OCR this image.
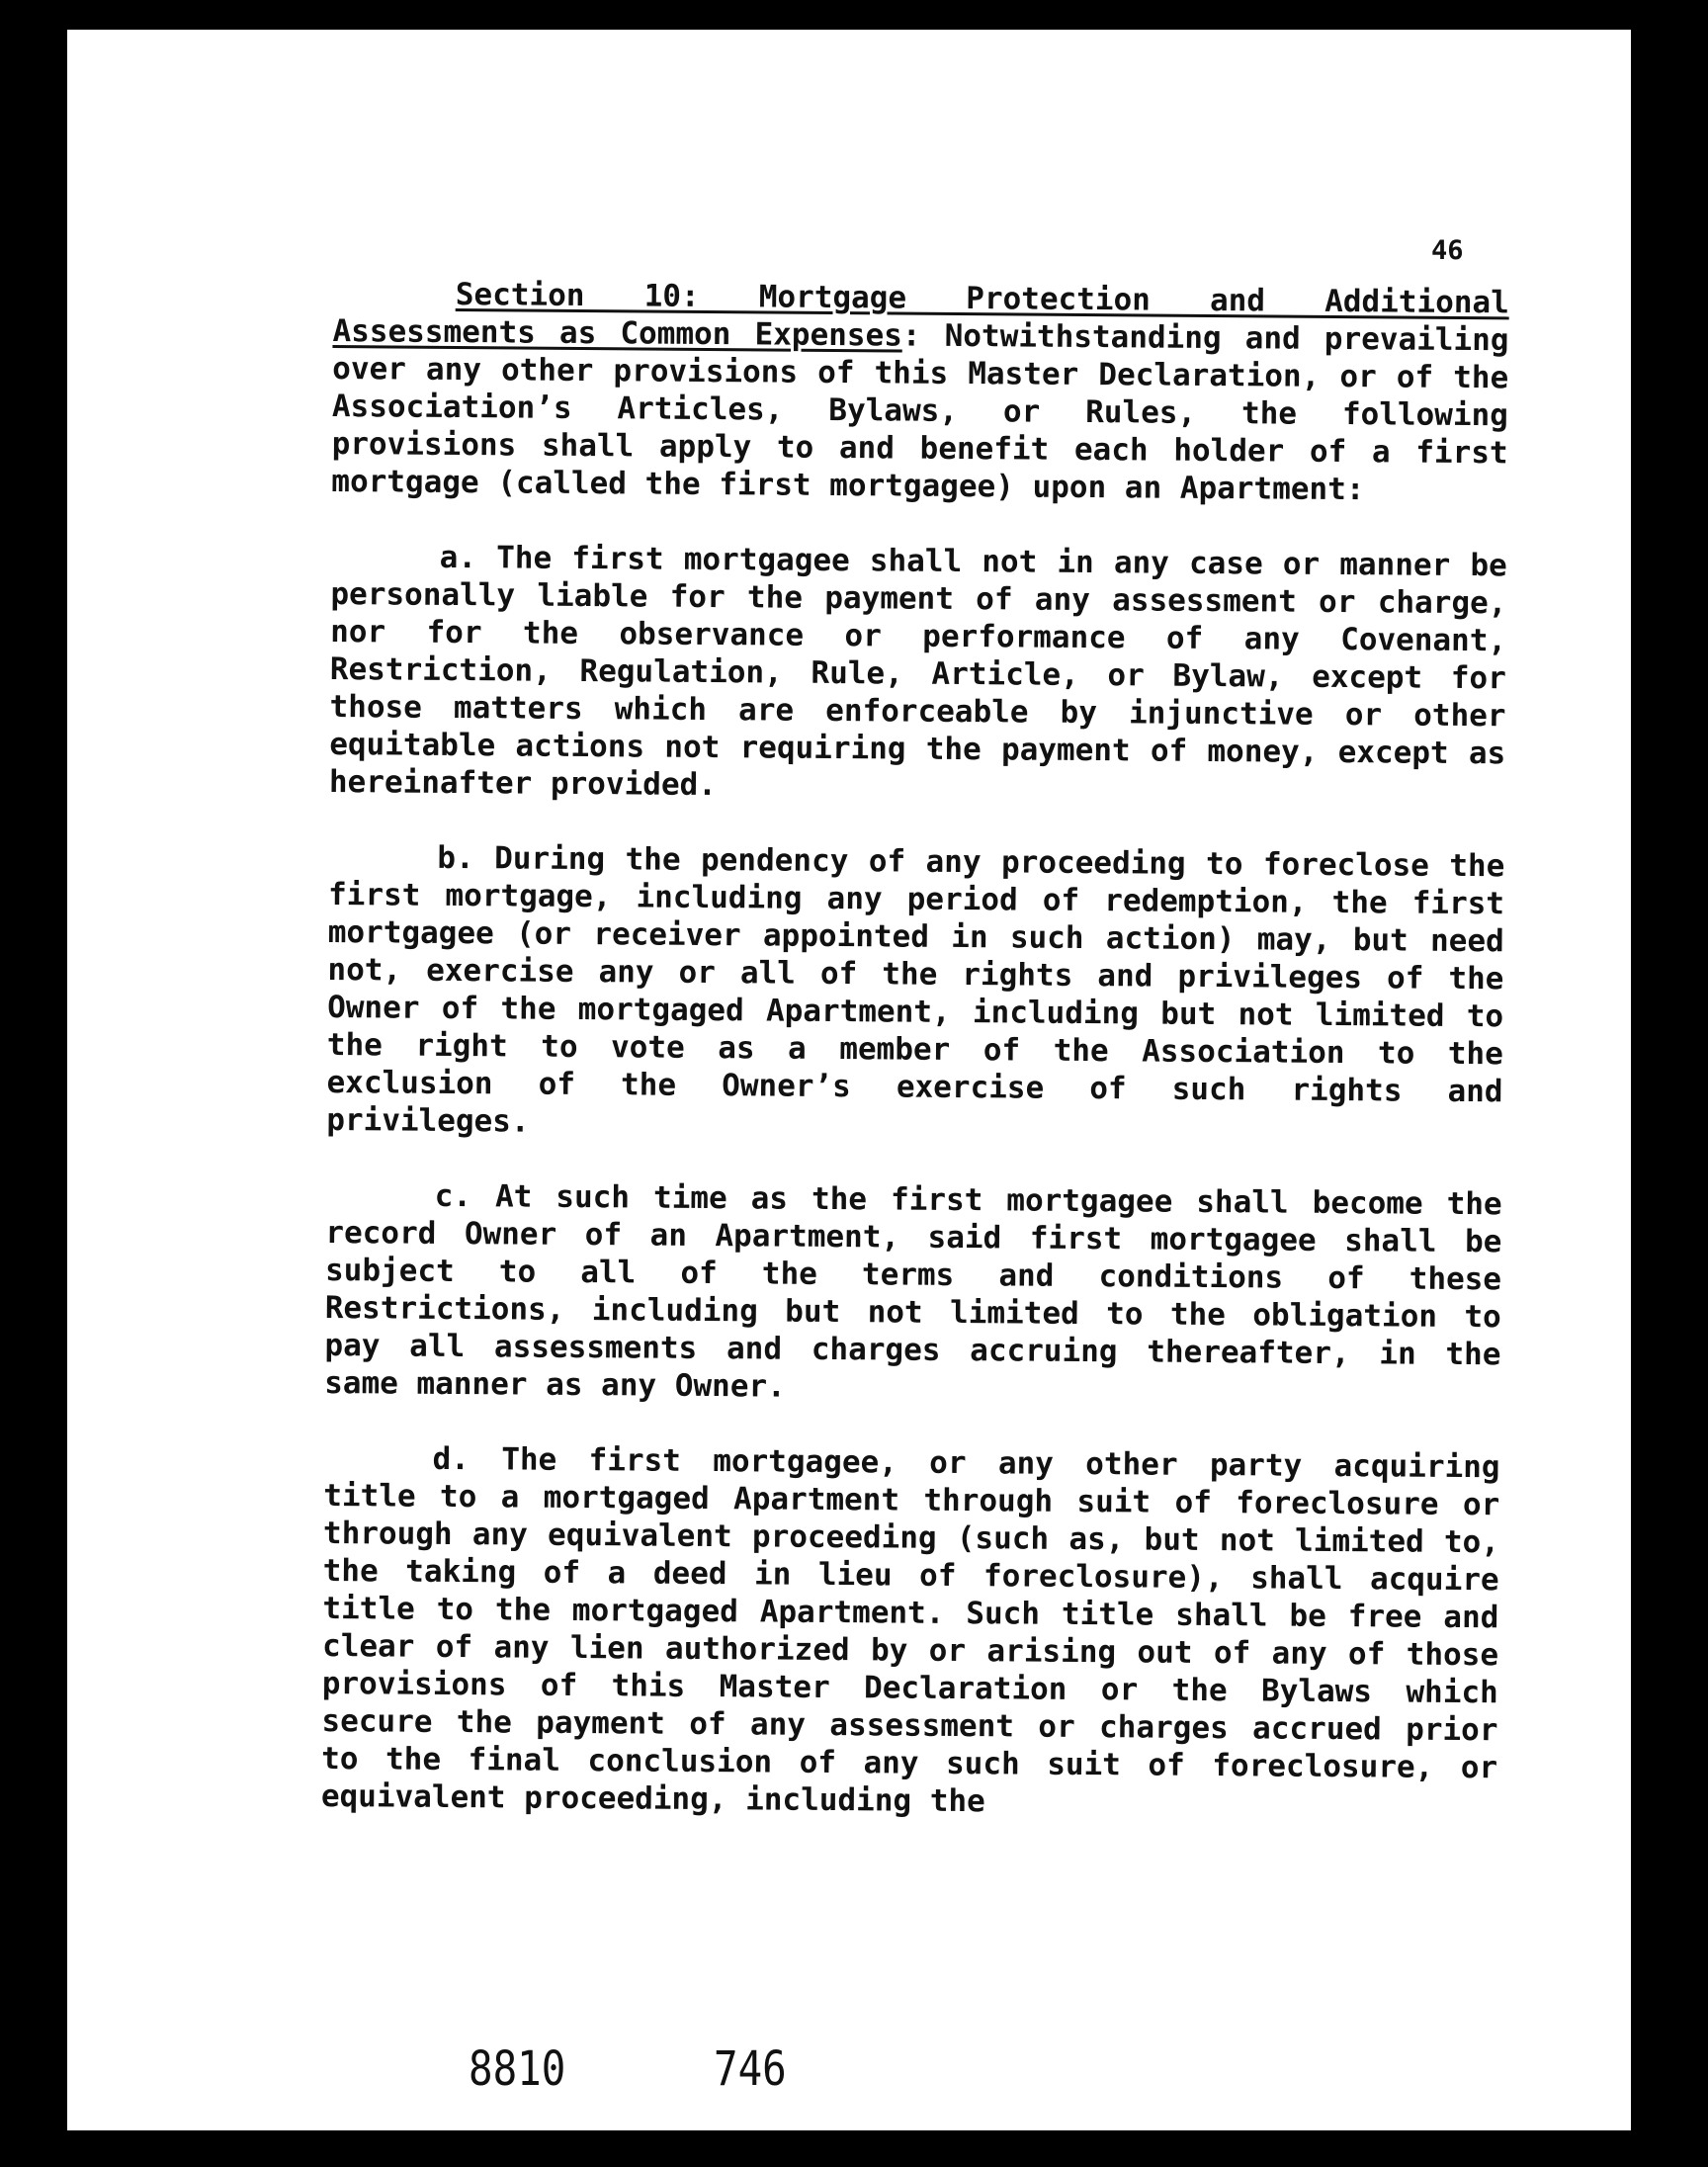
46

Section 10: Mortgage Protection and Additional Assessments as Common Expenses: Notwithstanding and prevailing over any other provisions of this Master Declaration, or of the Association’s Articles, Bylaws, or Rules, the following provisions shall apply to and benefit each holder of a first mortgage (called the first mortgagee) upon an Apartment:

a. The first mortgagee shall not in any case or manner be personally liable for the payment of any assessment or charge, nor for the observance or performance of any Covenant, Restriction, Regulation, Rule, Article, or Bylaw, except for those matters which are enforceable by injunctive or other equitable actions not requiring the payment of money, except as hereinafter provided.

b. During the pendency of any proceeding to foreclose the first mortgage, including any period of redemption, the first mortgagee (or receiver appointed in such action) may, but need not, exercise any or all of the rights and privileges of the Owner of the mortgaged Apartment, including but not limited to the right to vote as a member of the Association to the exclusion of the Owner’s exercise of such rights and privileges.

c. At such time as the first mortgagee shall become the record Owner of an Apartment, said first mortgagee shall be subject to all of the terms and conditions of these Restrictions, including but not limited to the obligation to pay all assessments and charges accruing thereafter, in the same manner as any Owner.

d. The first mortgagee, or any other party acquiring title to a mortgaged Apartment through suit of foreclosure or through any equivalent proceeding (such as, but not limited to, the taking of a deed in lieu of foreclosure), shall acquire title to the mortgaged Apartment. Such title shall be free and clear of any lien authorized by or arising out of any of those provisions of this Master Declaration or the Bylaws which secure the payment of any assessment or charges accrued prior to the final conclusion of any such suit of foreclosure, or equivalent proceeding, including the

8810	746
